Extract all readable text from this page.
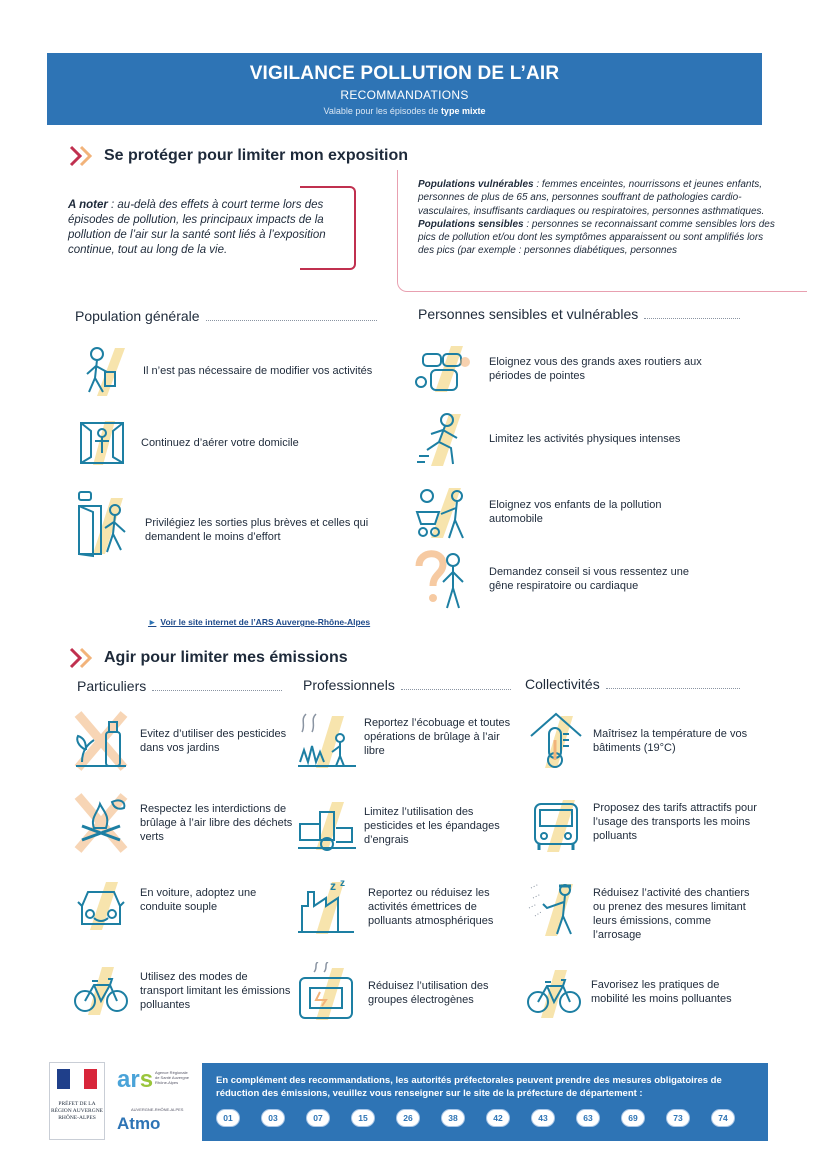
VIGILANCE POLLUTION DE L’AIR
RECOMMANDATIONS
Valable pour les épisodes de type mixte
Se protéger pour limiter mon exposition
A noter : au-delà des effets à court terme lors des épisodes de pollution, les principaux impacts de la pollution de l’air sur la santé sont liés à l’exposition continue, tout au long de la vie.
Populations vulnérables : femmes enceintes, nourrissons et jeunes enfants, personnes de plus de 65 ans, personnes souffrant de pathologies cardio-vasculaires, insuffisants cardiaques ou respiratoires, personnes asthmatiques.
Populations sensibles : personnes se reconnaissant comme sensibles lors des pics de pollution et/ou dont les symptômes apparaissent ou sont amplifiés lors des pics (par exemple : personnes diabétiques, personnes
Population générale	Personnes sensibles et vulnérables
Il n’est pas nécessaire de modifier vos activités
Continuez d’aérer votre domicile
Privilégiez les sorties plus brèves et celles qui demandent le moins d’effort
Eloignez vous des grands axes routiers aux périodes de pointes
Limitez les activités physiques intenses
Eloignez vos enfants de la pollution automobile
Demandez conseil si vous ressentez une gêne respiratoire ou cardiaque
► Voir le site internet de l’ARS Auvergne-Rhône-Alpes
Agir pour limiter mes émissions
Particuliers	Professionnels	Collectivités
Evitez d’utiliser des pesticides dans vos jardins
Respectez les interdictions de brûlage à l’air libre des déchets verts
En voiture, adoptez une conduite souple
Utilisez des modes de transport limitant les émissions polluantes
Reportez l’écobuage et toutes opérations de brûlage à l’air libre
Limitez l’utilisation des pesticides et les épandages d’engrais
z z
Reportez ou réduisez les activités émettrices de polluants atmosphériques
Réduisez l’utilisation des groupes électrogènes
Maîtrisez la température de vos bâtiments (19°C)
Proposez des tarifs attractifs pour l’usage des transports les moins polluants
Réduisez l’activité des chantiers ou prenez des mesures limitant leurs émissions, comme l’arrosage
Favorisez les pratiques de mobilité les moins polluantes
PRÉFET DE LA RÉGION AUVERGNE RHÔNE-ALPES
ars Agence Régionale de Santé Auvergne Rhône-Alpes
AUVERGNE-RHÔNE-ALPES
Atmo
En complément des recommandations, les autorités préfectorales peuvent prendre des mesures obligatoires de réduction des émissions, veuillez vous renseigner sur le site de la préfecture de département :
01	03	07	15	26	38	42	43	63	69	73	74
